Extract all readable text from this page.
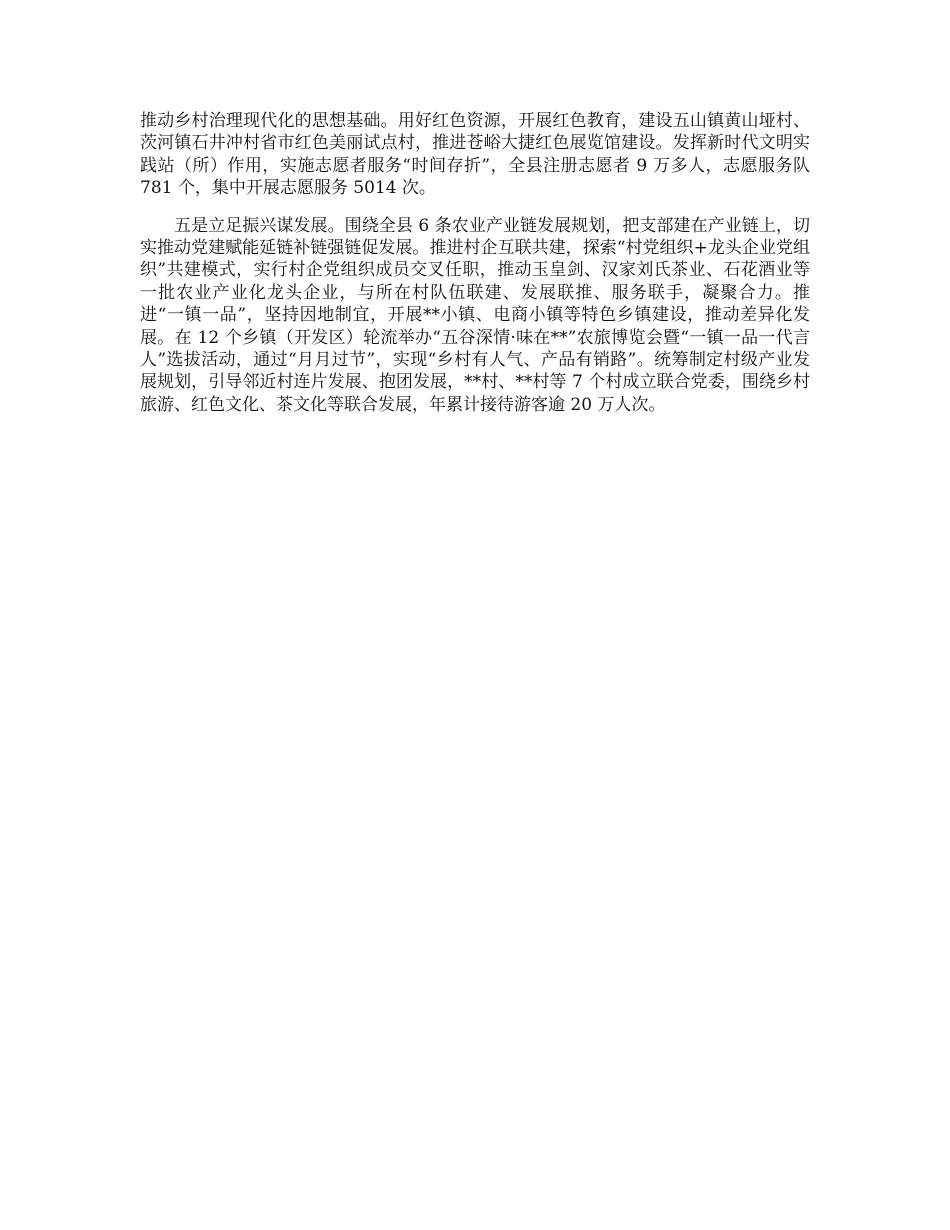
推动乡村治理现代化的思想基础。用好红色资源，开展红色教育，建设五山镇黄山垭村、茨河镇石井冲村省市红色美丽试点村，推进苍峪大捷红色展览馆建设。发挥新时代文明实践站（所）作用，实施志愿者服务“时间存折”，全县注册志愿者 9 万多人，志愿服务队 781 个，集中开展志愿服务 5014 次。

五是立足振兴谋发展。围绕全县 6 条农业产业链发展规划，把支部建在产业链上，切实推动党建赋能延链补链强链促发展。推进村企互联共建，探索“村党组织+龙头企业党组织”共建模式，实行村企党组织成员交叉任职，推动玉皇剑、汉家刘氏茶业、石花酒业等一批农业产业化龙头企业，与所在村队伍联建、发展联推、服务联手，凝聚合力。推进“一镇一品”，坚持因地制宜，开展**小镇、电商小镇等特色乡镇建设，推动差异化发展。在 12 个乡镇（开发区）轮流举办“五谷深情·味在**”农旅博览会暨“一镇一品一代言人”选拔活动，通过“月月过节”，实现“乡村有人气、产品有销路”。统筹制定村级产业发展规划，引导邻近村连片发展、抱团发展，**村、**村等 7 个村成立联合党委，围绕乡村旅游、红色文化、茶文化等联合发展，年累计接待游客逾 20 万人次。
